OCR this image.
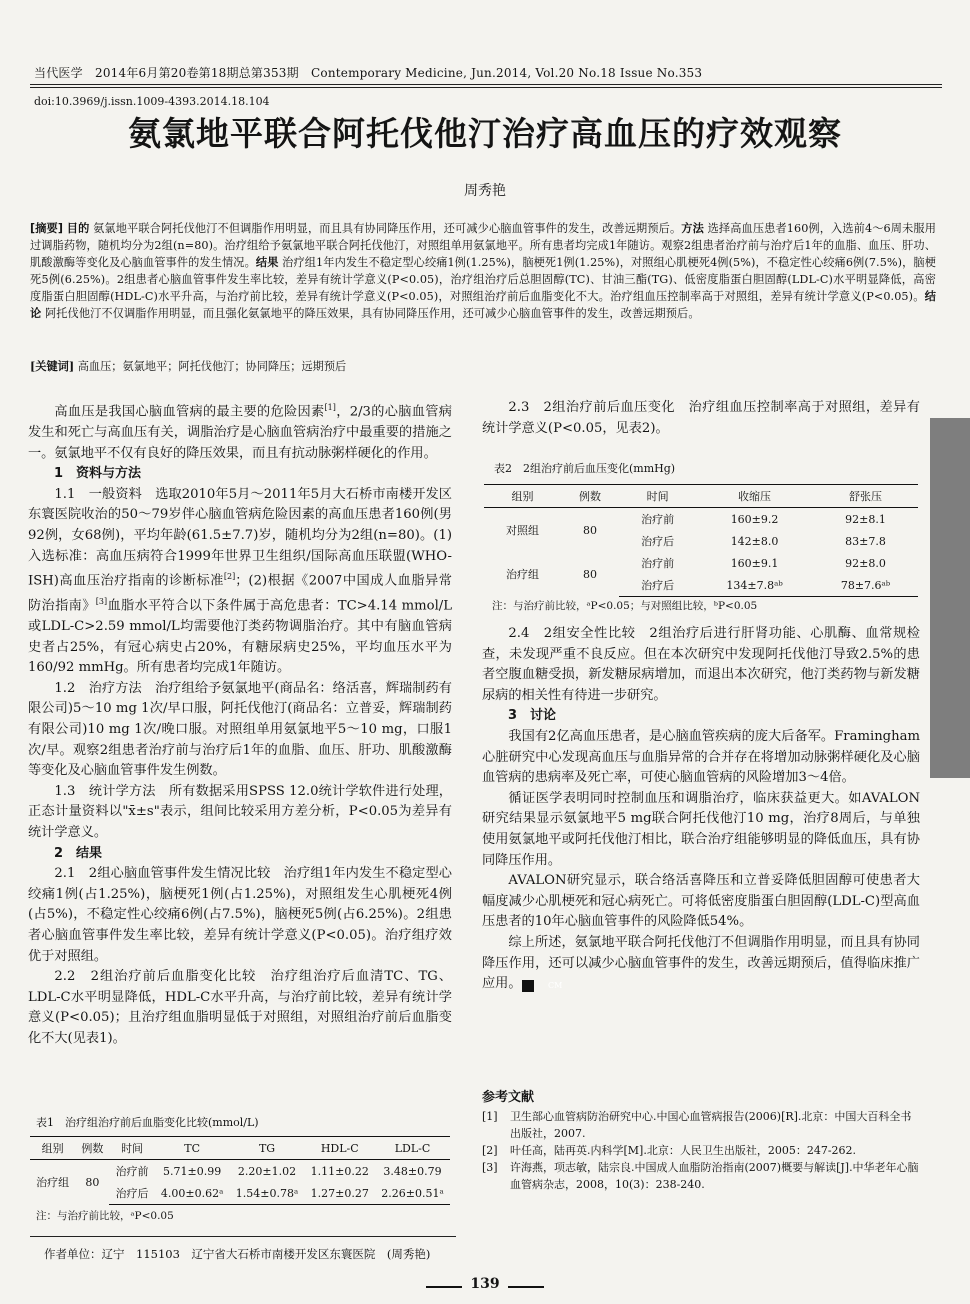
当代医学　2014年6月第20卷第18期总第353期　Contemporary Medicine, Jun.2014, Vol.20 No.18 Issue No.353
doi:10.3969/j.issn.1009-4393.2014.18.104
氨氯地平联合阿托伐他汀治疗高血压的疗效观察
周秀艳
[摘要] 目的 氨氯地平联合阿托伐他汀不但调脂作用明显，而且具有协同降压作用，还可减少心脑血管事件的发生，改善远期预后。方法 选择高血压患者160例，入选前4～6周未服用过调脂药物，随机均分为2组(n=80)。治疗组给予氨氯地平联合阿托伐他汀，对照组单用氨氯地平。所有患者均完成1年随访。观察2组患者治疗前与治疗后1年的血脂、血压、肝功、肌酸激酶等变化及心脑血管事件的发生情况。结果 治疗组1年内发生不稳定型心绞痛1例(1.25%)，脑梗死1例(1.25%)，对照组心肌梗死4例(5%)，不稳定性心绞痛6例(7.5%)，脑梗死5例(6.25%)。2组患者心脑血管事件发生率比较，差异有统计学意义(P<0.05)，治疗组治疗后总胆固醇(TC)、甘油三酯(TG)、低密度脂蛋白胆固醇(LDL-C)水平明显降低，高密度脂蛋白胆固醇(HDL-C)水平升高，与治疗前比较，差异有统计学意义(P<0.05)，对照组治疗前后血脂变化不大。治疗组血压控制率高于对照组，差异有统计学意义(P<0.05)。结论 阿托伐他汀不仅调脂作用明显，而且强化氨氯地平的降压效果，具有协同降压作用，还可减少心脑血管事件的发生，改善远期预后。
[关键词] 高血压；氨氯地平；阿托伐他汀；协同降压；远期预后

高血压是我国心脑血管病的最主要的危险因素[1]，2/3的心脑血管病发生和死亡与高血压有关，调脂治疗是心脑血管病治疗中最重要的措施之一。氨氯地平不仅有良好的降压效果，而且有抗动脉粥样硬化的作用。

1　资料与方法

1.1　一般资料　选取2010年5月～2011年5月大石桥市南楼开发区东寰医院收治的50～79岁伴心脑血管病危险因素的高血压患者160例(男92例，女68例)，平均年龄(61.5±7.7)岁，随机均分为2组(n=80)。(1)入选标准：高血压病符合1999年世界卫生组织/国际高血压联盟(WHO-ISH)高血压治疗指南的诊断标准[2]；(2)根据《2007中国成人血脂异常防治指南》[3]血脂水平符合以下条件属于高危患者：TC>4.14 mmol/L或LDL-C>2.59 mmol/L均需要他汀类药物调脂治疗。其中有脑血管病史者占25%，有冠心病史占20%，有糖尿病史25%，平均血压水平为160/92 mmHg。所有患者均完成1年随访。

1.2　治疗方法　治疗组给予氨氯地平(商品名：络活喜，辉瑞制药有限公司)5～10 mg 1次/早口服，阿托伐他汀(商品名：立普妥，辉瑞制药有限公司)10 mg 1次/晚口服。对照组单用氨氯地平5～10 mg，口服1次/早。观察2组患者治疗前与治疗后1年的血脂、血压、肝功、肌酸激酶等变化及心脑血管事件发生例数。

1.3　统计学方法　所有数据采用SPSS 12.0统计学软件进行处理，正态计量资料以"x̄±s"表示，组间比较采用方差分析，P<0.05为差异有统计学意义。

2　结果

2.1　2组心脑血管事件发生情况比较　治疗组1年内发生不稳定型心绞痛1例(占1.25%)，脑梗死1例(占1.25%)，对照组发生心肌梗死4例(占5%)，不稳定性心绞痛6例(占7.5%)，脑梗死5例(占6.25%)。2组患者心脑血管事件发生率比较，差异有统计学意义(P<0.05)。治疗组疗效优于对照组。

2.2　2组治疗前后血脂变化比较　治疗组治疗后血清TC、TG、LDL-C水平明显降低，HDL-C水平升高，与治疗前比较，差异有统计学意义(P<0.05)；且治疗组血脂明显低于对照组，对照组治疗前后血脂变化不大(见表1)。

表1　治疗组治疗前后血脂变化比较(mmol/L)
组别	例数	时间	TC	TG	HDL-C	LDL-C
治疗组	80	治疗前	5.71±0.99	2.20±1.02	1.11±0.22	3.48±0.79
		治疗后	4.00±0.62ᵃ	1.54±0.78ᵃ	1.27±0.27	2.26±0.51ᵃ
注：与治疗前比较，ᵃP<0.05
作者单位：辽宁　115103　辽宁省大石桥市南楼开发区东寰医院　(周秀艳)

2.3　2组治疗前后血压变化　治疗组血压控制率高于对照组，差异有统计学意义(P<0.05，见表2)。

表2　2组治疗前后血压变化(mmHg)
组别	例数	时间	收缩压	舒张压
对照组	80	治疗前	160±9.2	92±8.1
		治疗后	142±8.0	83±7.8
治疗组	80	治疗前	160±9.1	92±8.0
		治疗后	134±7.8ᵃᵇ	78±7.6ᵃᵇ
注：与治疗前比较，ᵃP<0.05；与对照组比较，ᵇP<0.05

2.4　2组安全性比较　2组治疗后进行肝肾功能、心肌酶、血常规检查，未发现严重不良反应。但在本次研究中发现阿托伐他汀导致2.5%的患者空腹血糖受损，新发糖尿病增加，而退出本次研究，他汀类药物与新发糖尿病的相关性有待进一步研究。

3　讨论

我国有2亿高血压患者，是心脑血管疾病的庞大后备军。Framingham心脏研究中心发现高血压与血脂异常的合并存在将增加动脉粥样硬化及心脑血管病的患病率及死亡率，可使心脑血管病的风险增加3～4倍。

循证医学表明同时控制血压和调脂治疗，临床获益更大。如AVALON研究结果显示氨氯地平5 mg联合阿托伐他汀10 mg，治疗8周后，与单独使用氨氯地平或阿托伐他汀相比，联合治疗组能够明显的降低血压，具有协同降压作用。

AVALON研究显示，联合络活喜降压和立普妥降低胆固醇可使患者大幅度减少心肌梗死和冠心病死亡。可将低密度脂蛋白胆固醇(LDL-C)型高血压患者的10年心脑血管事件的风险降低54%。

综上所述，氨氯地平联合阿托伐他汀不但调脂作用明显，而且具有协同降压作用，还可以减少心脑血管事件的发生，改善远期预后，值得临床推广应用。	CM

参考文献
[1]	卫生部心血管病防治研究中心.中国心血管病报告(2006)[R].北京：中国大百科全书出版社，2007.
[2]	叶任高，陆再英.内科学[M].北京：人民卫生出版社，2005：247-262.
[3]	许海燕，项志敏，陆宗良.中国成人血脂防治指南(2007)概要与解读[J].中华老年心脑血管病杂志，2008，10(3)：238-240.
139
